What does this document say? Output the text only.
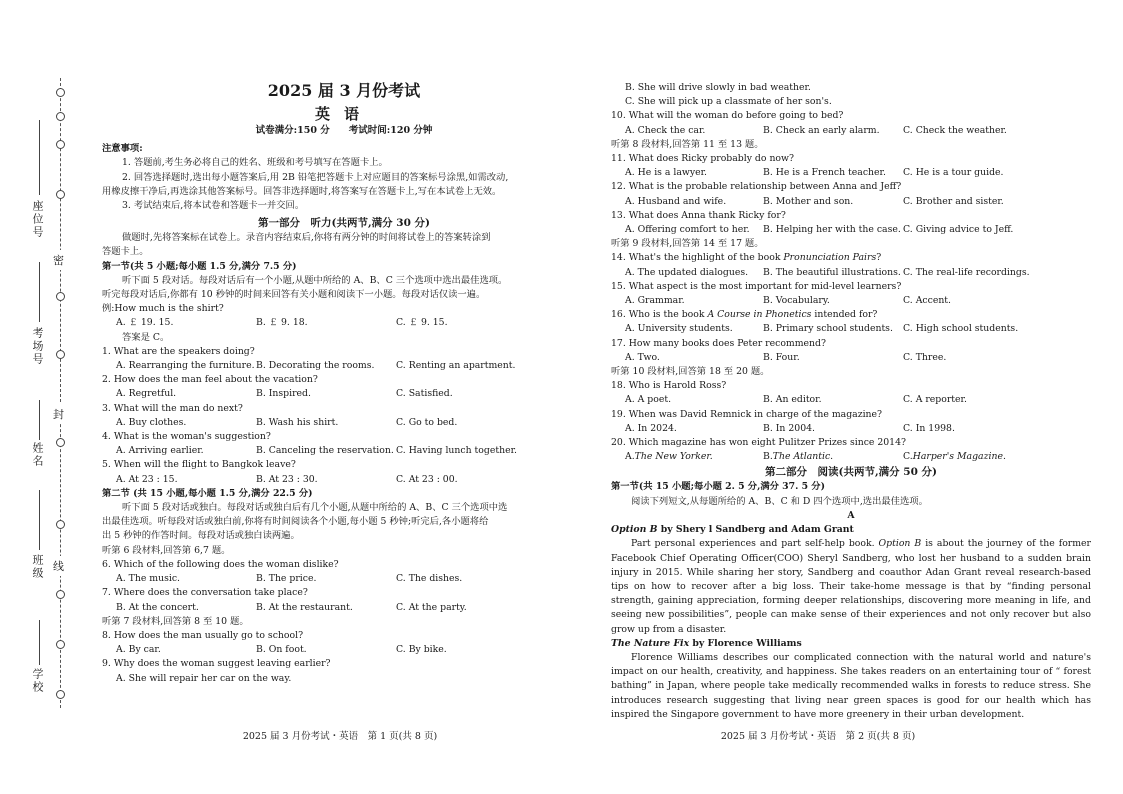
密
封
线
座位号
考场号
姓名
班级
学校

2025 届 3 月份考试

英语

试卷满分:150 分　　考试时间:120 分钟

注意事项:

1. 答题前,考生务必将自己的姓名、班级和考号填写在答题卡上。

2. 回答选择题时,选出每小题答案后,用 2B 铅笔把答题卡上对应题目的答案标号涂黑,如需改动,

用橡皮擦干净后,再选涂其他答案标号。回答非选择题时,将答案写在答题卡上,写在本试卷上无效。

3. 考试结束后,将本试卷和答题卡一并交回。

第一部分　听力(共两节,满分 30 分)

做题时,先将答案标在试卷上。录音内容结束后,你将有两分钟的时间将试卷上的答案转涂到

答题卡上。

第一节(共 5 小题;每小题 1.5 分,满分 7.5 分)

听下面 5 段对话。每段对话后有一个小题,从题中所给的 A、B、C 三个选项中选出最佳选项。

听完每段对话后,你都有 10 秒钟的时间来回答有关小题和阅读下一小题。每段对话仅读一遍。

例:How much is the shirt?

A. ￡ 19. 15.	B. ￡ 9. 18.	C. ￡ 9. 15.

答案是 C。

1. What are the speakers doing?

A. Rearranging the furniture. B. Decorating the rooms.	C. Renting an apartment.

2. How does the man feel about the vacation?

A. Regretful.	B. Inspired.	C. Satisfied.

3. What will the man do next?

A. Buy clothes.	B. Wash his shirt.	C. Go to bed.

4. What is the woman's suggestion?

A. Arriving earlier.	B. Canceling the reservation. C. Having lunch together.

5. When will the flight to Bangkok leave?

A. At 23 : 15.	B. At 23 : 30.	C. At 23 : 00.

第二节 (共 15 小题,每小题 1.5 分,满分 22.5 分)

听下面 5 段对话或独白。每段对话或独白后有几个小题,从题中所给的 A、B、C 三个选项中选

出最佳选项。听每段对话或独白前,你将有时间阅读各个小题,每小题 5 秒钟;听完后,各小题将给

出 5 秒钟的作答时间。每段对话或独白读两遍。

听第 6 段材料,回答第 6,7 题。

6. Which of the following does the woman dislike?

A. The music.	B. The price.	C. The dishes.

7. Where does the conversation take place?

B. At the concert.	B. At the restaurant.	C. At the party.

听第 7 段材料,回答第 8 至 10 题。

8. How does the man usually go to school?

A. By car.	B. On foot.	C. By bike.

9. Why does the woman suggest leaving earlier?

A. She will repair her car on the way.
B. She will drive slowly in bad weather.
C. She will pick up a classmate of her son's.

10. What will the woman do before going to bed?

A. Check the car.	B. Check an early alarm.	C. Check the weather.

听第 8 段材料,回答第 11 至 13 题。

11. What does Ricky probably do now?

A. He is a lawyer.	B. He is a French teacher.	C. He is a tour guide.

12. What is the probable relationship between Anna and Jeff?

A. Husband and wife.	B. Mother and son.	C. Brother and sister.

13. What does Anna thank Ricky for?

A. Offering comfort to her.	B. Helping her with the case. C. Giving advice to Jeff.

听第 9 段材料,回答第 14 至 17 题。

14. What's the highlight of the book Pronunciation Pairs?

A. The updated dialogues.	B. The beautiful illustrations. C. The real-life recordings.

15. What aspect is the most important for mid-level learners?

A. Grammar.	B. Vocabulary.	C. Accent.

16. Who is the book A Course in Phonetics intended for?

A. University students.	B. Primary school students.	C. High school students.

17. How many books does Peter recommend?

A. Two.	B. Four.	C. Three.

听第 10 段材料,回答第 18 至 20 题。

18. Who is Harold Ross?

A. A poet.	B. An editor.	C. A reporter.

19. When was David Remnick in charge of the magazine?

A. In 2024.	B. In 2004.	C. In 1998.

20. Which magazine has won eight Pulitzer Prizes since 2014?

A.The New Yorker.	B.The Atlantic.	C.Harper's Magazine.

第二部分　阅读(共两节,满分 50 分)

第一节(共 15 小题;每小题 2. 5 分,满分 37. 5 分)

阅读下列短文,从每题所给的 A、B、C 和 D 四个选项中,选出最佳选项。

A

Option B by Shery l Sandberg and Adam Grant

Part personal experiences and part self-help book. Option B is about the journey of the former Facebook Chief Operating Officer(COO) Sheryl Sandberg, who lost her husband to a sudden brain injury in 2015. While sharing her story, Sandberg and coauthor Adan Grant reveal research-based tips on how to recover after a big loss. Their take-home message is that by “finding personal strength, gaining appreciation, forming deeper relationships, discovering more meaning in life, and seeing new possibilities”, people can make sense of their experiences and not only recover but also grow up from a disaster.

The Nature Fix by Florence Williams

Florence Williams describes our complicated connection with the natural world and nature's impact on our health, creativity, and happiness. She takes readers on an entertaining tour of “ forest bathing” in Japan, where people take medically recommended walks in forests to reduce stress. She introduces research suggesting that living near green spaces is good for our health which has inspired the Singapore government to have more greenery in their urban development.

2025 届 3 月份考试・英语　第 1 页(共 8 页)	2025 届 3 月份考试・英语　第 2 页(共 8 页)
